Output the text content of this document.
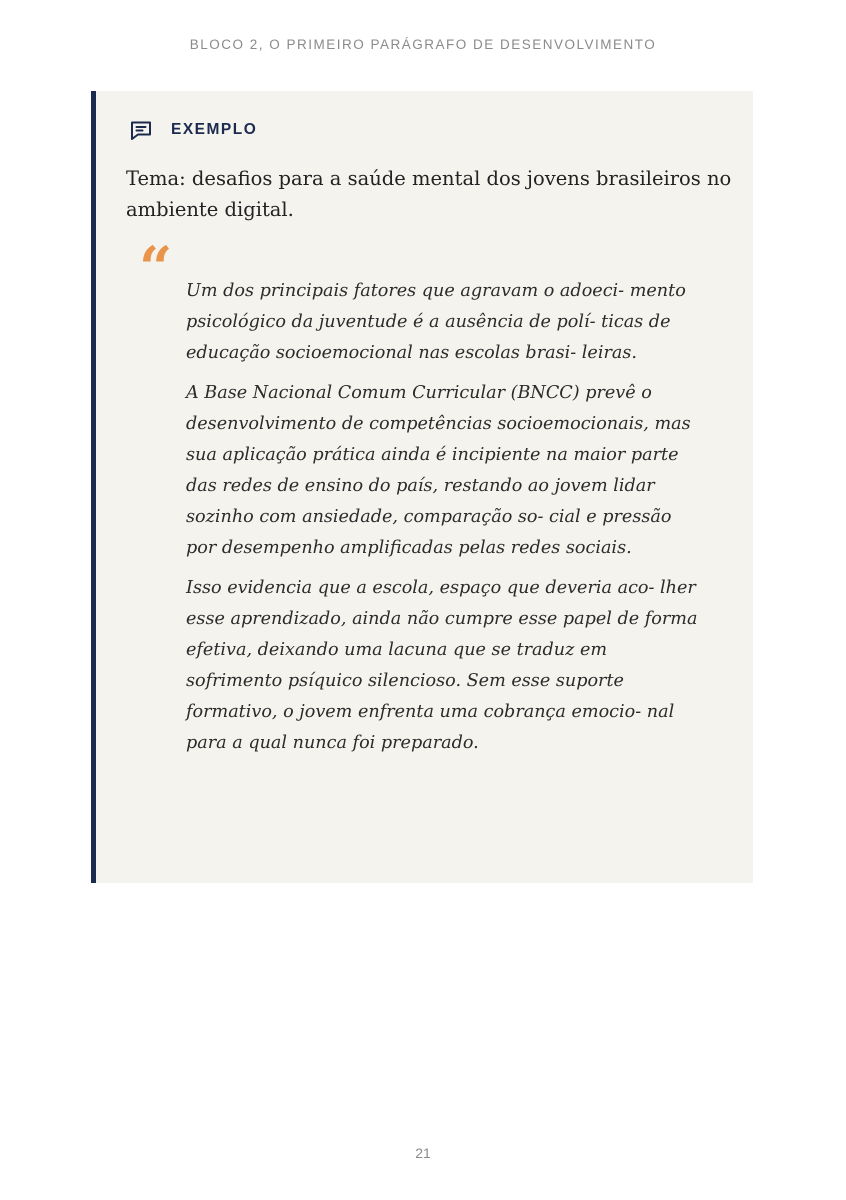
BLOCO 2, O PRIMEIRO PARÁGRAFO DE DESENVOLVIMENTO

EXEMPLO

Tema: desafios para a saúde mental dos jovens brasileiros no ambiente digital.

“ Um dos principais fatores que agravam o adoeci- mento psicológico da juventude é a ausência de polí- ticas de educação socioemocional nas escolas brasi- leiras.

A Base Nacional Comum Curricular (BNCC) prevê o desenvolvimento de competências socioemocionais, mas sua aplicação prática ainda é incipiente na maior parte das redes de ensino do país, restando ao jovem lidar sozinho com ansiedade, comparação so- cial e pressão por desempenho amplificadas pelas redes sociais.

Isso evidencia que a escola, espaço que deveria aco- lher esse aprendizado, ainda não cumpre esse papel de forma efetiva, deixando uma lacuna que se traduz em sofrimento psíquico silencioso. Sem esse suporte formativo, o jovem enfrenta uma cobrança emocio- nal para a qual nunca foi preparado.

21
